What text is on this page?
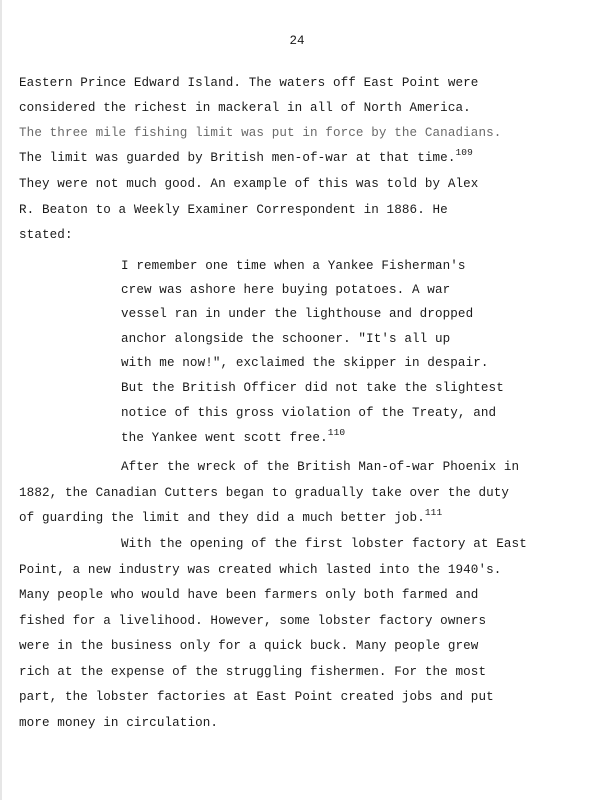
24
Eastern Prince Edward Island. The waters off East Point were
considered the richest in mackeral in all of North America.
The three mile fishing limit was put in force by the Canadians.
The limit was guarded by British men-of-war at that time.$^{109}$
They were not much good. An example of this was told by Alex
R. Beaton to a Weekly Examiner Correspondent in 1886. He
stated:
I remember one time when a Yankee Fisherman's
crew was ashore here buying potatoes. A war
vessel ran in under the lighthouse and dropped
anchor alongside the schooner. "It's all up
with me now!", exclaimed the skipper in despair.
But the British Officer did not take the slightest
notice of this gross violation of the Treaty, and
the Yankee went scott free.$^{110}$
After the wreck of the British Man-of-war Phoenix in
1882, the Canadian Cutters began to gradually take over the duty
of guarding the limit and they did a much better job.$^{111}$
With the opening of the first lobster factory at East
Point, a new industry was created which lasted into the 1940's.
Many people who would have been farmers only both farmed and
fished for a livelihood. However, some lobster factory owners
were in the business only for a quick buck. Many people grew
rich at the expense of the struggling fishermen. For the most
part, the lobster factories at East Point created jobs and put
more money in circulation.
